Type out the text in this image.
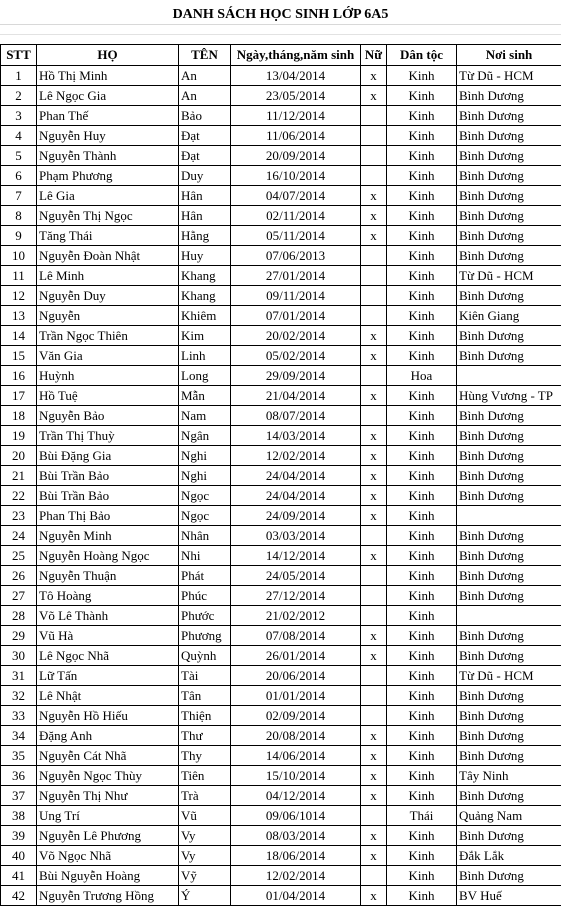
DANH SÁCH HỌC SINH LỚP 6A5
STT	HỌ	TÊN	Ngày,tháng,năm sinh	Nữ	Dân tộc	Nơi sinh
1	Hồ Thị Minh	An	13/04/2014	x	Kinh	Từ Dũ - HCM
2	Lê Ngọc Gia	An	23/05/2014	x	Kinh	Bình Dương
3	Phan Thế	Bảo	11/12/2014		Kinh	Bình Dương
4	Nguyễn Huy	Đạt	11/06/2014		Kinh	Bình Dương
5	Nguyễn Thành	Đạt	20/09/2014		Kinh	Bình Dương
6	Phạm Phương	Duy	16/10/2014		Kinh	Bình Dương
7	Lê Gia	Hân	04/07/2014	x	Kinh	Bình Dương
8	Nguyễn Thị Ngọc	Hân	02/11/2014	x	Kinh	Bình Dương
9	Tăng Thái	Hằng	05/11/2014	x	Kinh	Bình Dương
10	Nguyễn Đoàn Nhật	Huy	07/06/2013		Kinh	Bình Dương
11	Lê Minh	Khang	27/01/2014		Kinh	Từ Dũ - HCM
12	Nguyễn Duy	Khang	09/11/2014		Kinh	Bình Dương
13	Nguyễn	Khiêm	07/01/2014		Kinh	Kiên Giang
14	Trần Ngọc Thiên	Kim	20/02/2014	x	Kinh	Bình Dương
15	Văn Gia	Linh	05/02/2014	x	Kinh	Bình Dương
16	Huỳnh	Long	29/09/2014		Hoa	
17	Hồ Tuệ	Mẫn	21/04/2014	x	Kinh	Hùng Vương - TP
18	Nguyễn Bảo	Nam	08/07/2014		Kinh	Bình Dương
19	Trần Thị Thuỳ	Ngân	14/03/2014	x	Kinh	Bình Dương
20	Bùi Đặng Gia	Nghi	12/02/2014	x	Kinh	Bình Dương
21	Bùi Trần Bảo	Nghi	24/04/2014	x	Kinh	Bình Dương
22	Bùi Trần Bảo	Ngọc	24/04/2014	x	Kinh	Bình Dương
23	Phan Thị Bảo	Ngọc	24/09/2014	x	Kinh	
24	Nguyễn Minh	Nhân	03/03/2014		Kinh	Bình Dương
25	Nguyễn Hoàng Ngọc	Nhi	14/12/2014	x	Kinh	Bình Dương
26	Nguyễn Thuận	Phát	24/05/2014		Kinh	Bình Dương
27	Tô Hoàng	Phúc	27/12/2014		Kinh	Bình Dương
28	Võ Lê Thành	Phước	21/02/2012		Kinh	
29	Vũ Hà	Phương	07/08/2014	x	Kinh	Bình Dương
30	Lê Ngọc Nhã	Quỳnh	26/01/2014	x	Kinh	Bình Dương
31	Lữ Tấn	Tài	20/06/2014		Kinh	Từ Dũ - HCM
32	Lê Nhật	Tân	01/01/2014		Kinh	Bình Dương
33	Nguyễn Hồ Hiếu	Thiện	02/09/2014		Kinh	Bình Dương
34	Đặng Anh	Thư	20/08/2014	x	Kinh	Bình Dương
35	Nguyễn Cát Nhã	Thy	14/06/2014	x	Kinh	Bình Dương
36	Nguyễn Ngọc Thùy	Tiên	15/10/2014	x	Kinh	Tây Ninh
37	Nguyễn Thị Như	Trà	04/12/2014	x	Kinh	Bình Dương
38	Ung Trí	Vũ	09/06/1014		Thái	Quảng Nam
39	Nguyễn Lê Phương	Vy	08/03/2014	x	Kinh	Bình Dương
40	Võ Ngọc Nhã	Vy	18/06/2014	x	Kinh	Đắk Lắk
41	Bùi Nguyễn Hoàng	Vỹ	12/02/2014		Kinh	Bình Dương
42	Nguyễn Trương Hồng	Ý	01/04/2014	x	Kinh	BV Huế
